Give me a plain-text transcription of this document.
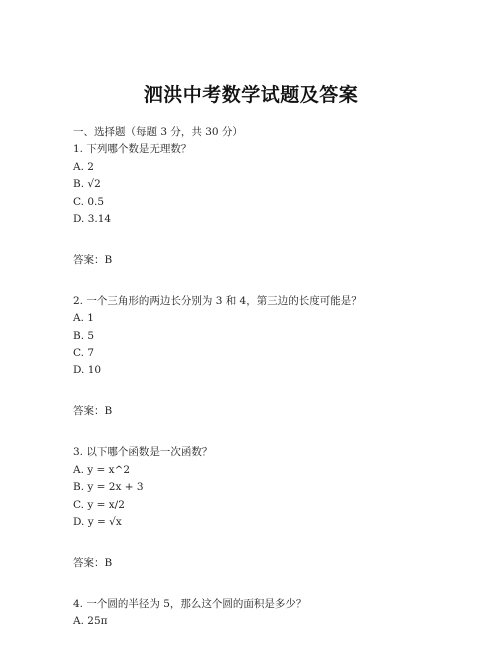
泗洪中考数学试题及答案
一、选择题（每题 3 分，共 30 分）
1. 下列哪个数是无理数？
A. 2
B. √2
C. 0.5
D. 3.14
答案：B
2. 一个三角形的两边长分别为 3 和 4，第三边的长度可能是？
A. 1
B. 5
C. 7
D. 10
答案：B
3. 以下哪个函数是一次函数？
A. y = x^2
B. y = 2x + 3
C. y = x/2
D. y = √x
答案：B
4. 一个圆的半径为 5，那么这个圆的面积是多少？
A. 25π
